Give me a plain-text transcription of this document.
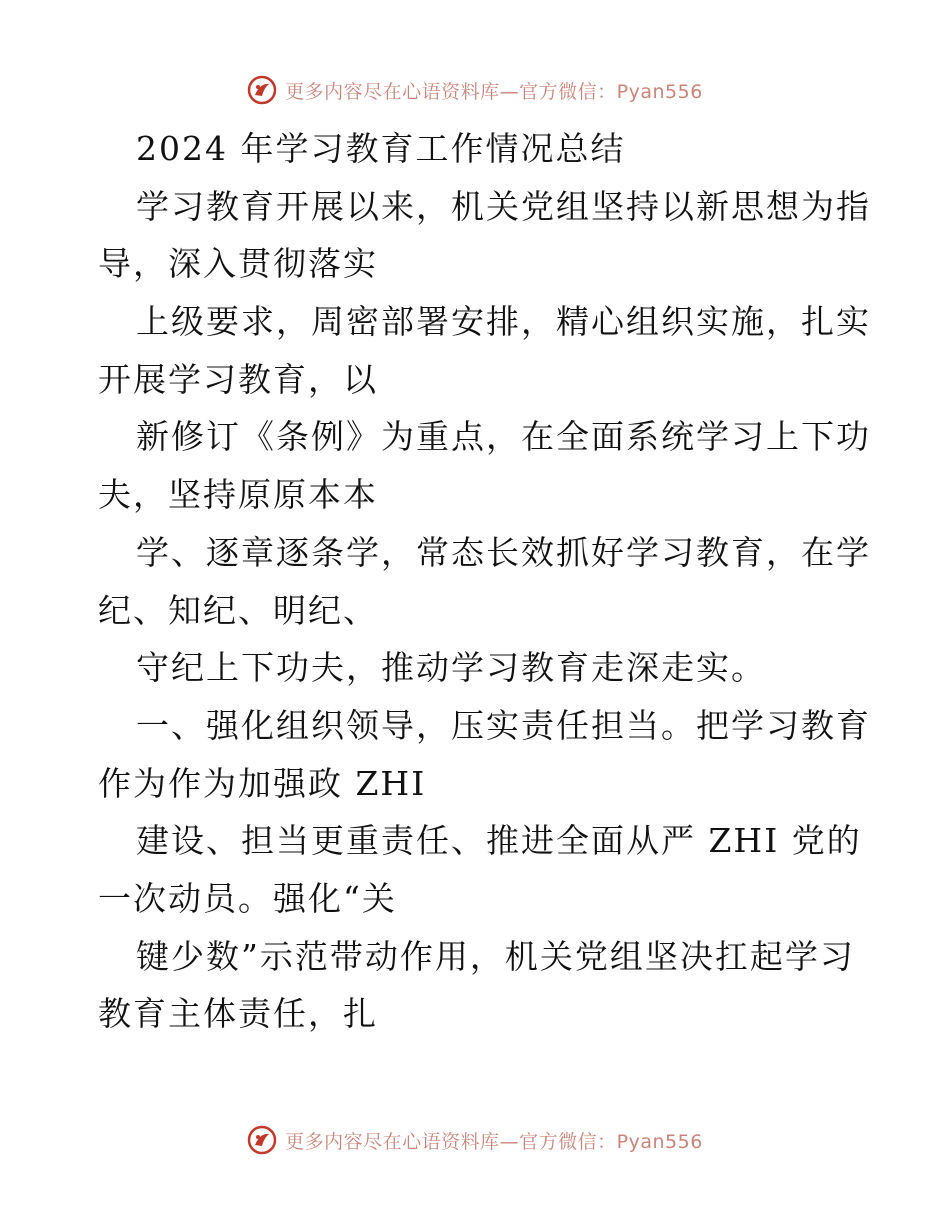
更多内容尽在心语资料库—官方微信：Pyan556
2024 年学习教育工作情况总结
学习教育开展以来，机关党组坚持以新思想为指
导，深入贯彻落实
上级要求，周密部署安排，精心组织实施，扎实
开展学习教育，以
新修订《条例》为重点，在全面系统学习上下功
夫，坚持原原本本
学、逐章逐条学，常态长效抓好学习教育，在学
纪、知纪、明纪、
守纪上下功夫，推动学习教育走深走实。
一、强化组织领导，压实责任担当。把学习教育
作为作为加强政 ZHI
建设、担当更重责任、推进全面从严 ZHI 党的
一次动员。强化“关
键少数”示范带动作用，机关党组坚决扛起学习
教育主体责任，扎
更多内容尽在心语资料库—官方微信：Pyan556
